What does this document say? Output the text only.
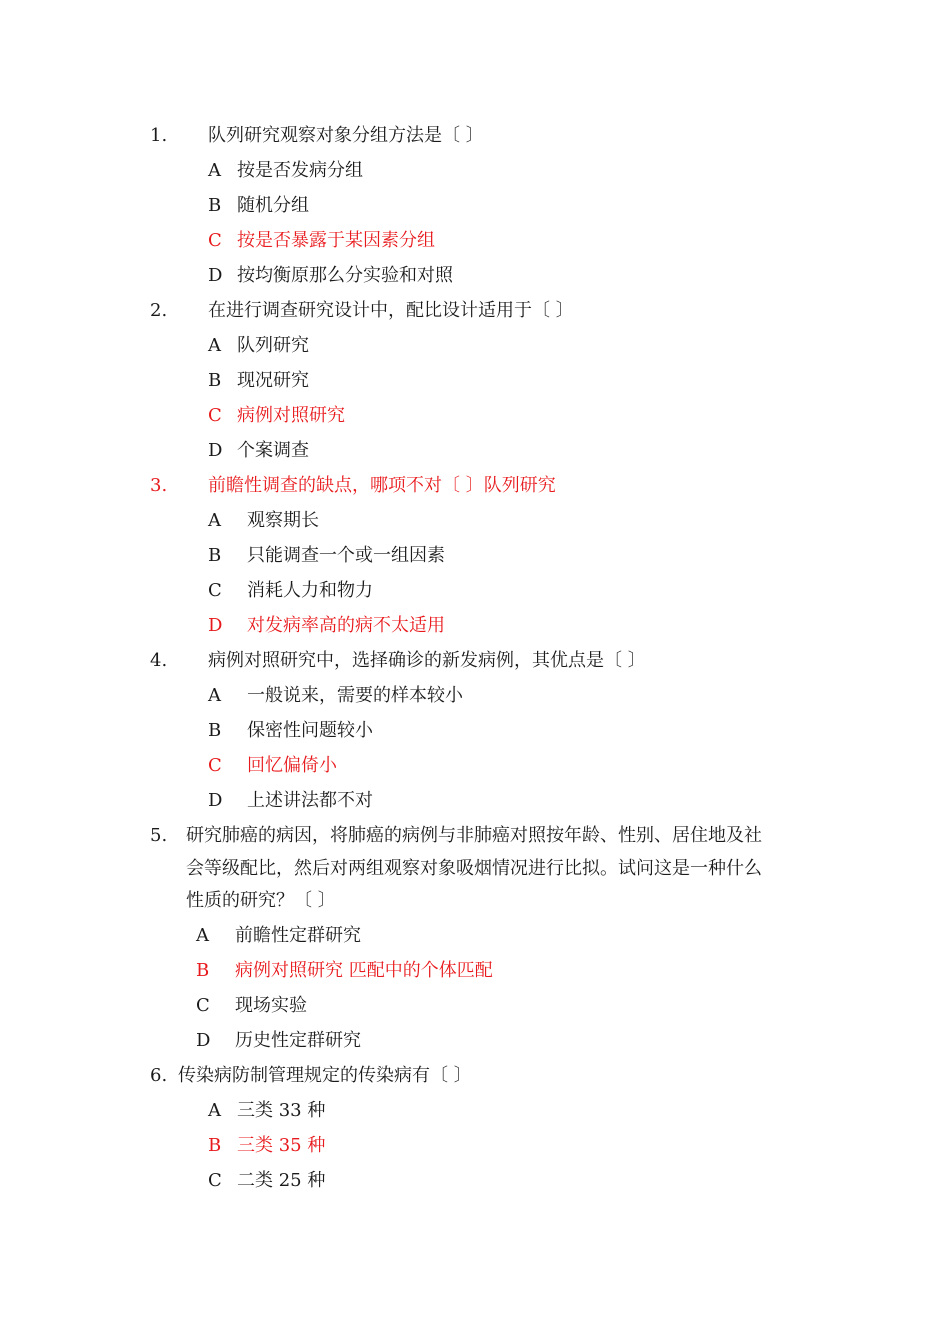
1. 队列研究观察对象分组方法是〔 〕
A 按是否发病分组
B 随机分组
C 按是否暴露于某因素分组
D 按均衡原那么分实验和对照
2. 在进行调查研究设计中，配比设计适用于〔 〕
A 队列研究
B 现况研究
C 病例对照研究
D 个案调查
3. 前瞻性调查的缺点，哪项不对〔 〕队列研究
A 观察期长
B 只能调查一个或一组因素
C 消耗人力和物力
D 对发病率高的病不太适用
4. 病例对照研究中，选择确诊的新发病例，其优点是〔 〕
A 一般说来，需要的样本较小
B 保密性问题较小
C 回忆偏倚小
D 上述讲法都不对
5. 研究肺癌的病因，将肺癌的病例与非肺癌对照按年龄、性别、居住地及社
会等级配比，然后对两组观察对象吸烟情况进行比拟。试问这是一种什么
性质的研究？〔 〕
A 前瞻性定群研究
B 病例对照研究 匹配中的个体匹配
C 现场实验
D 历史性定群研究
6. 传染病防制管理规定的传染病有〔 〕
A 三类 33 种
B 三类 35 种
C 二类 25 种
